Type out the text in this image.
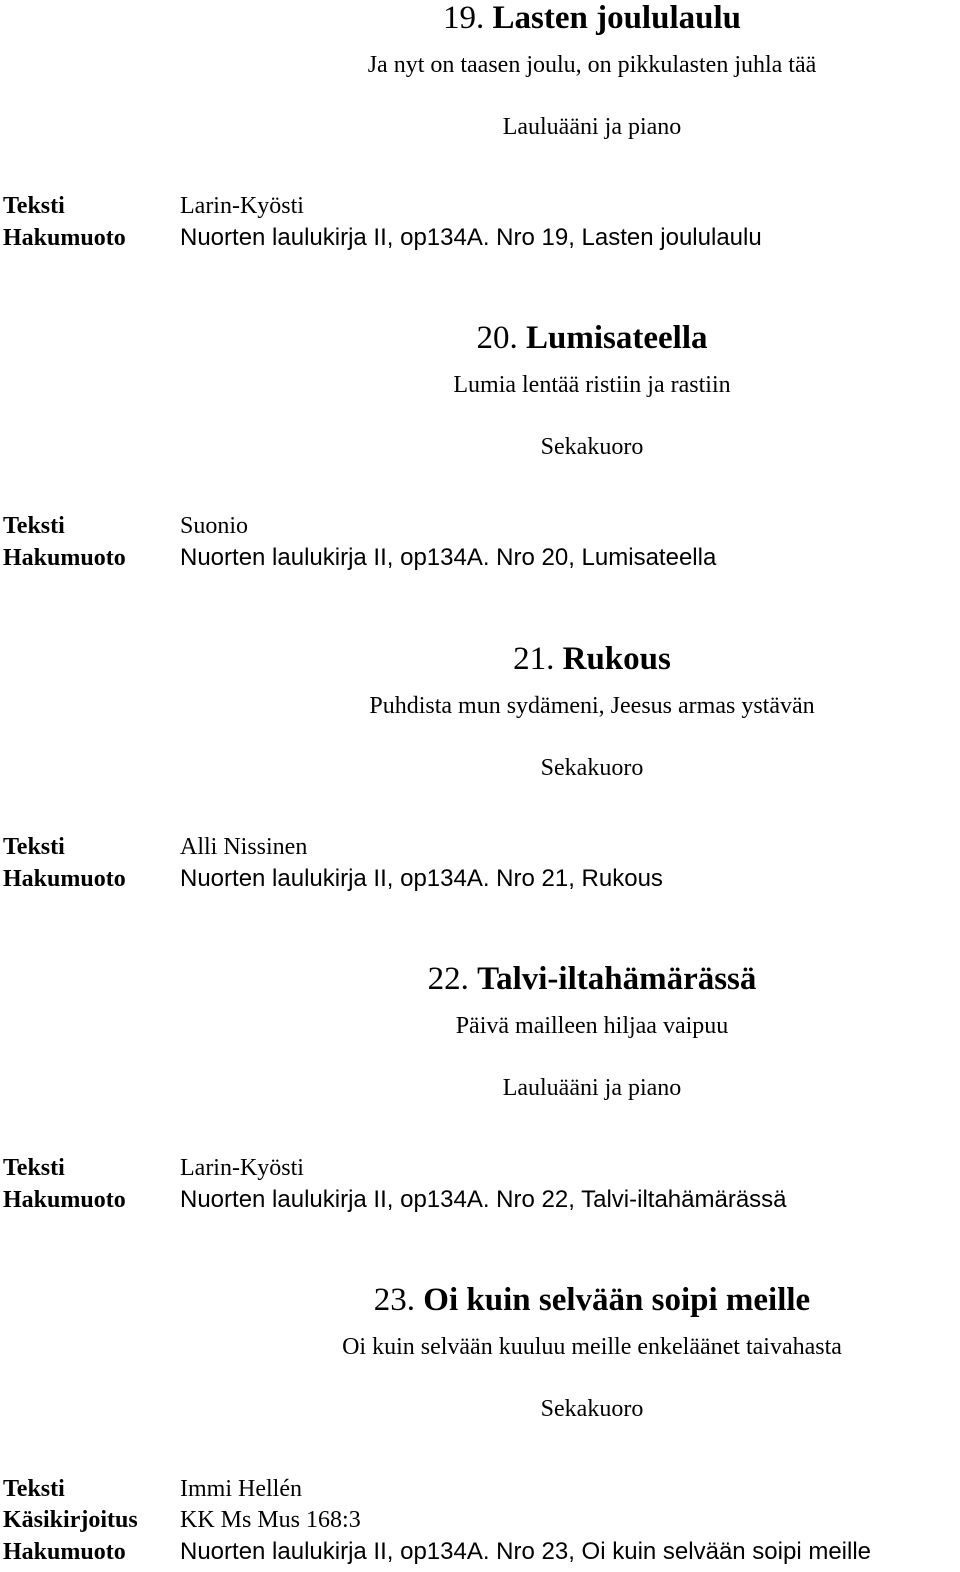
19. Lasten joululaulu
Ja nyt on taasen joulu, on pikkulasten juhla tää
Lauluääni ja piano
Teksti	Larin-Kyösti
Hakumuoto Nuorten laulukirja II, op134A. Nro 19, Lasten joululaulu
20. Lumisateella
Lumia lentää ristiin ja rastiin
Sekakuoro
Teksti	Suonio
Hakumuoto Nuorten laulukirja II, op134A. Nro 20, Lumisateella
21. Rukous
Puhdista mun sydämeni, Jeesus armas ystävän
Sekakuoro
Teksti	Alli Nissinen
Hakumuoto Nuorten laulukirja II, op134A. Nro 21, Rukous
22. Talvi-iltahämärässä
Päivä mailleen hiljaa vaipuu
Lauluääni ja piano
Teksti	Larin-Kyösti
Hakumuoto Nuorten laulukirja II, op134A. Nro 22, Talvi-iltahämärässä
23. Oi kuin selvään soipi meille
Oi kuin selvään kuuluu meille enkeläänet taivahasta
Sekakuoro
Teksti	Immi Hellén
Käsikirjoitus KK Ms Mus 168:3
Hakumuoto Nuorten laulukirja II, op134A. Nro 23, Oi kuin selvään soipi meille
